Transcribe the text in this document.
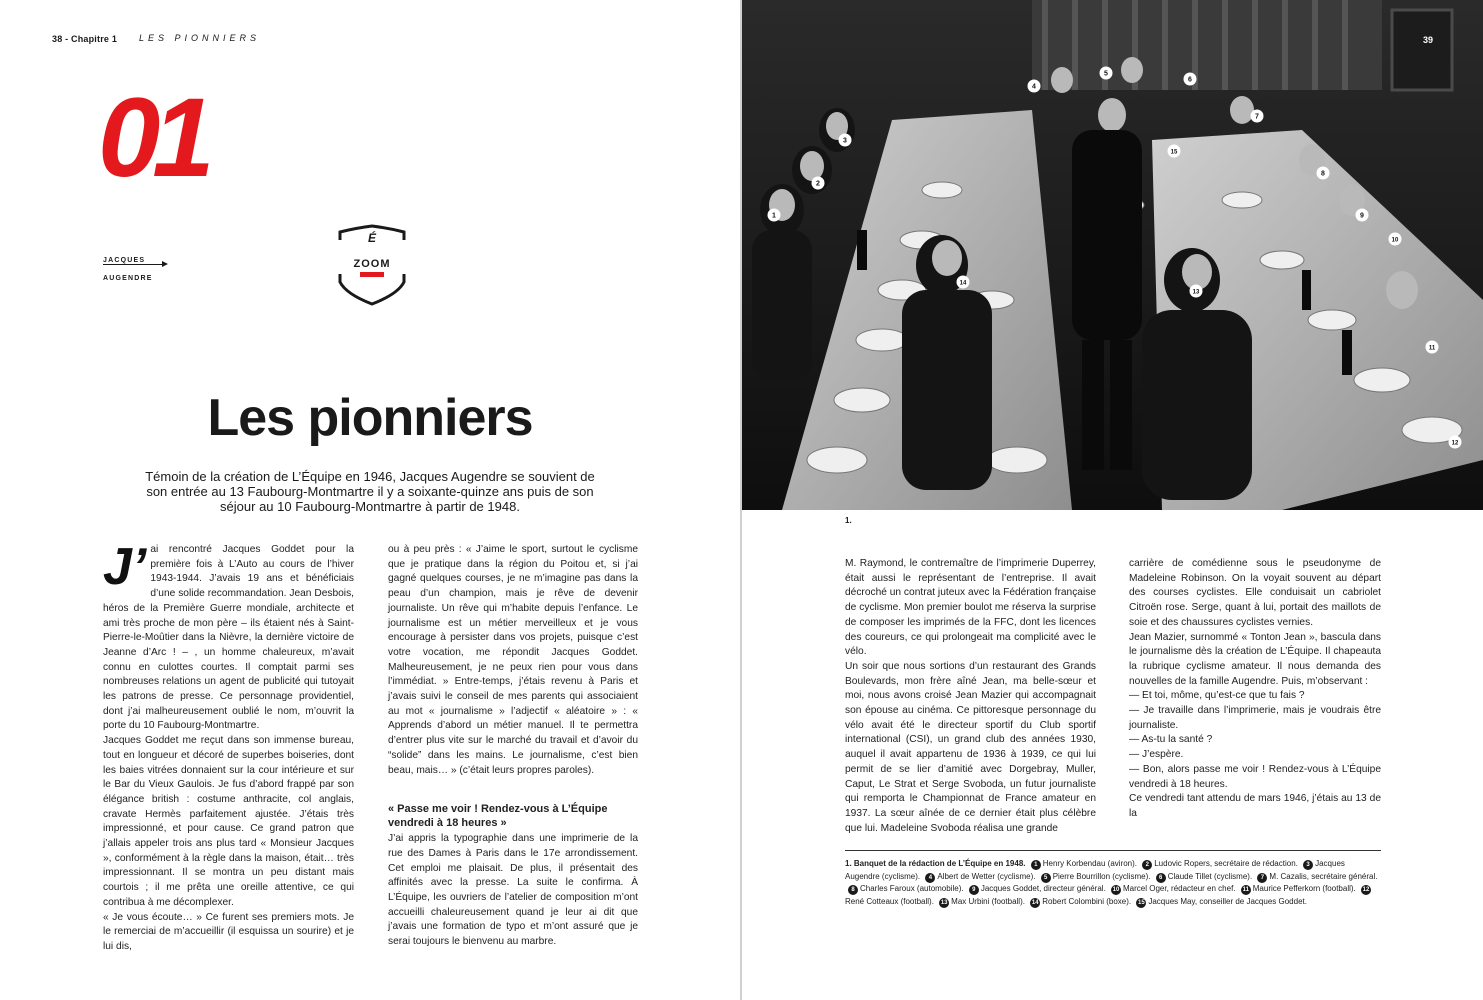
38 - Chapitre 1 LES PIONNIERS
01
JACQUES
AUGENDRE
É
ZOOM
Les pionniers
Témoin de la création de L’Équipe en 1946, Jacques Augendre se souvient de son entrée au 13 Faubourg-Montmartre il y a soixante-quinze ans puis de son séjour au 10 Faubourg-Montmartre à partir de 1948.
J’ ai rencontré Jacques Goddet pour la première fois à L’Auto au cours de l’hiver 1943-1944. J’avais 19 ans et bénéficiais d’une solide recommandation. Jean Desbois, héros de la Première Guerre mondiale, architecte et ami très proche de mon père – ils étaient nés à Saint-Pierre-le-Moûtier dans la Nièvre, la dernière victoire de Jeanne d’Arc ! – , un homme chaleureux, m’avait connu en culottes courtes. Il comptait parmi ses nombreuses relations un agent de publicité qui tutoyait les patrons de presse. Ce personnage providentiel, dont j’ai malheureusement oublié le nom, m’ouvrit la porte du 10 Faubourg-Montmartre.

Jacques Goddet me reçut dans son immense bureau, tout en longueur et décoré de superbes boiseries, dont les baies vitrées donnaient sur la cour intérieure et sur le Bar du Vieux Gaulois. Je fus d’abord frappé par son élégance british : costume anthracite, col anglais, cravate Hermès parfaitement ajustée. J’étais très impressionné, et pour cause. Ce grand patron que j’allais appeler trois ans plus tard « Monsieur Jacques », conformément à la règle dans la maison, était… très impressionnant. Il se montra un peu distant mais courtois ; il me prêta une oreille attentive, ce qui contribua à me décomplexer.

« Je vous écoute… » Ce furent ses premiers mots. Je le remerciai de m’accueillir (il esquissa un sourire) et je lui dis,

ou à peu près : « J’aime le sport, surtout le cyclisme que je pratique dans la région du Poitou et, si j’ai gagné quelques courses, je ne m’imagine pas dans la peau d’un champion, mais je rêve de devenir journaliste. Un rêve qui m’habite depuis l’enfance. Le journalisme est un métier merveilleux et je vous encourage à persister dans vos projets, puisque c’est votre vocation, me répondit Jacques Goddet. Malheureusement, je ne peux rien pour vous dans l’immédiat. » Entre-temps, j’étais revenu à Paris et j’avais suivi le conseil de mes parents qui associaient au mot « journalisme » l’adjectif « aléatoire » : « Apprends d’abord un métier manuel. Il te permettra d’entrer plus vite sur le marché du travail et d’avoir du “solide” dans les mains. Le journalisme, c’est bien beau, mais… » (c’était leurs propres paroles).

« Passe me voir ! Rendez-vous à L’Équipe vendredi à 18 heures »

J’ai appris la typographie dans une imprimerie de la rue des Dames à Paris dans le 17e arrondissement. Cet emploi me plaisait. De plus, il présentait des affinités avec la presse. La suite le confirma. À L’Équipe, les ouvriers de l’atelier de composition m’ont accueilli chaleureusement quand je leur ai dit que j’avais une formation de typo et m’ont assuré que je serai toujours le bienvenu au marbre.

1
2
3
4
5
6
7
8
9
10
11
12
13
14
15
39
1.

M. Raymond, le contremaître de l’imprimerie Duperrey, était aussi le représentant de l’entreprise. Il avait décroché un contrat juteux avec la Fédération française de cyclisme. Mon premier boulot me réserva la surprise de composer les imprimés de la FFC, dont les licences des coureurs, ce qui prolongeait ma complicité avec le vélo.

Un soir que nous sortions d’un restaurant des Grands Boulevards, mon frère aîné Jean, ma belle-sœur et moi, nous avons croisé Jean Mazier qui accompagnait son épouse au cinéma. Ce pittoresque personnage du vélo avait été le directeur sportif du Club sportif international (CSI), un grand club des années 1930, auquel il avait appartenu de 1936 à 1939, ce qui lui permit de se lier d’amitié avec Dorgebray, Muller, Caput, Le Strat et Serge Svoboda, un futur journaliste qui remporta le Championnat de France amateur en 1937. La sœur aînée de ce dernier était plus célèbre que lui. Madeleine Svoboda réalisa une grande

carrière de comédienne sous le pseudonyme de Madeleine Robinson. On la voyait souvent au départ des courses cyclistes. Elle conduisait un cabriolet Citroën rose. Serge, quant à lui, portait des maillots de soie et des chaussures cyclistes vernies.

Jean Mazier, surnommé « Tonton Jean », bascula dans le journalisme dès la création de L’Équipe. Il chapeauta la rubrique cyclisme amateur. Il nous demanda des nouvelles de la famille Augendre. Puis, m’observant :

— Et toi, môme, qu’est-ce que tu fais ?

— Je travaille dans l’imprimerie, mais je voudrais être journaliste.

— As-tu la santé ?

— J’espère.

— Bon, alors passe me voir ! Rendez-vous à L’Équipe vendredi à 18 heures.

Ce vendredi tant attendu de mars 1946, j’étais au 13 de la

1. Banquet de la rédaction de L’Équipe en 1948. 1 Henry Korbendau (aviron). 2 Ludovic Ropers, secrétaire de rédaction. 3 Jacques Augendre (cyclisme). 4 Albert de Wetter (cyclisme). 5 Pierre Bourrillon (cyclisme). 6 Claude Tillet (cyclisme). 7 M. Cazalis, secrétaire général. 8 Charles Faroux (automobile). 9 Jacques Goddet, directeur général. 10 Marcel Oger, rédacteur en chef. 11 Maurice Pefferkorn (football). 12René Cotteaux (football). 13 Max Urbini (football). 14 Robert Colombini (boxe). 15 Jacques May, conseiller de Jacques Goddet.
